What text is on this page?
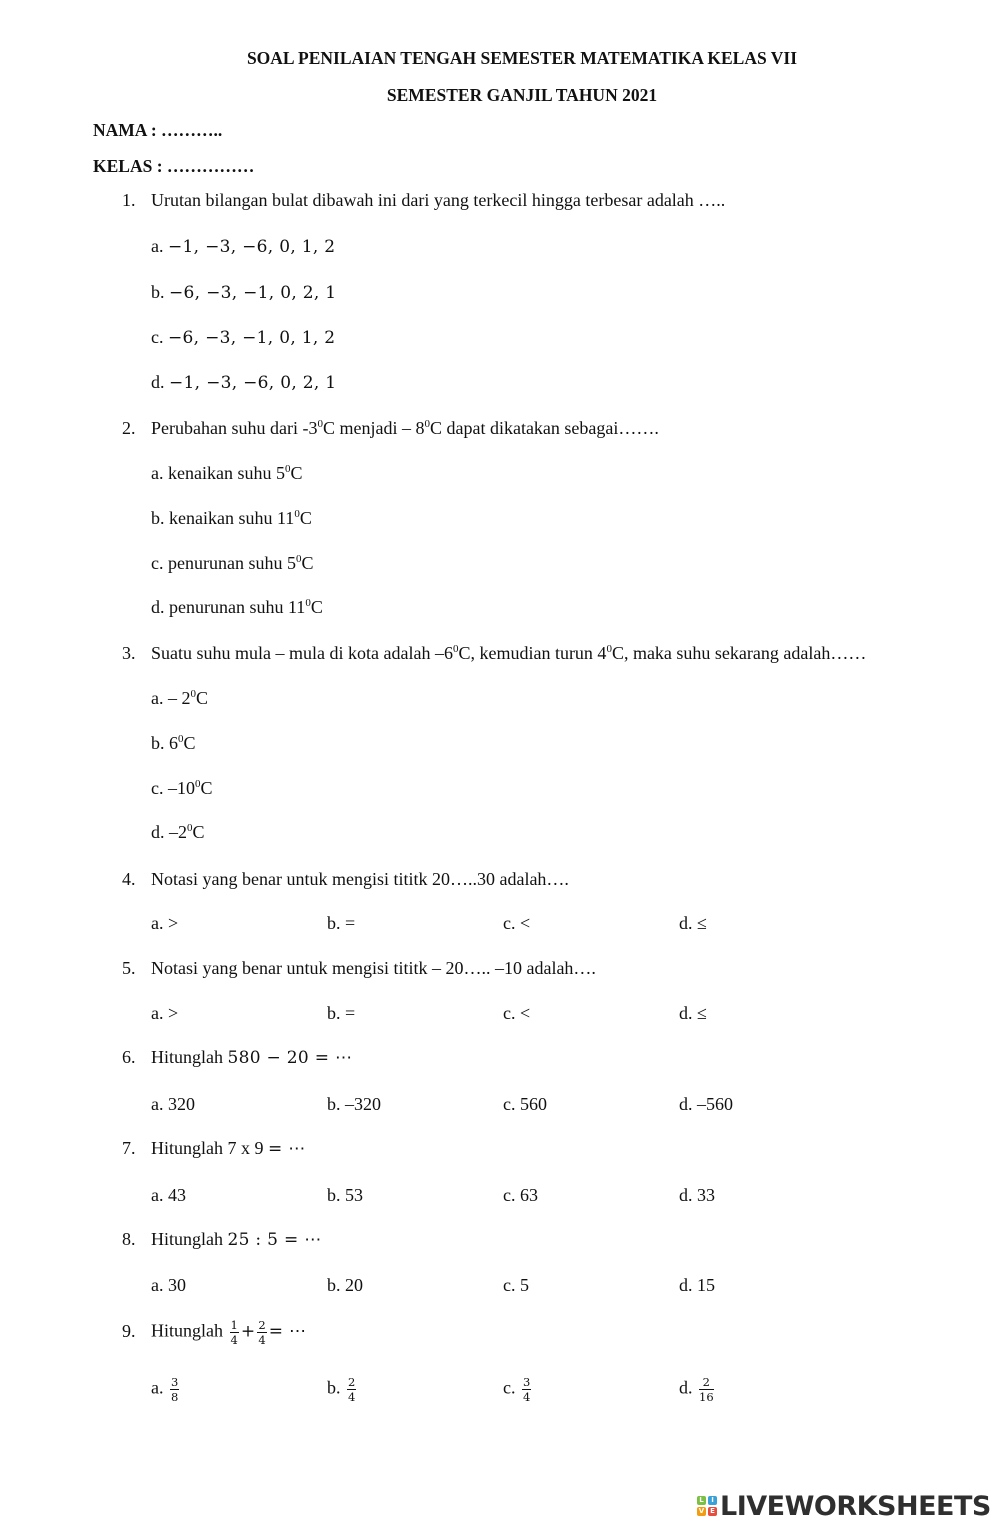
SOAL PENILAIAN TENGAH SEMESTER MATEMATIKA KELAS VII
SEMESTER GANJIL TAHUN 2021
NAMA : ………..
KELAS : ……………
1. Urutan bilangan bulat dibawah ini dari yang terkecil hingga terbesar adalah …..
a. −1, −3, −6, 0, 1, 2
b. −6, −3, −1, 0, 2, 1
c. −6, −3, −1, 0, 1, 2
d. −1, −3, −6, 0, 2, 1
2. Perubahan suhu dari $-3^0C$ menjadi – $8^0C$ dapat dikatakan sebagai…….
a. kenaikan suhu $5^0C$
b. kenaikan suhu $11^0C$
c. penurunan suhu $5^0C$
d. penurunan suhu $11^0C$
3. Suatu suhu mula – mula di kota adalah $-6^0C$, kemudian turun $4^0C$, maka suhu sekarang adalah……
a. – $2^0C$
b. $6^0C$
c. $-10^0C$
d. $-2^0C$
4. Notasi yang benar untuk mengisi tititk 20…..30 adalah….
a. >	b. =	c. <	d. ≤
5. Notasi yang benar untuk mengisi tititk – 20….. –10 adalah….
a. >	b. =	c. <	d. ≤
6. Hitunglah 580 − 20 = ⋯
a. 320	b. –320	c. 560	d. –560
7. Hitunglah 7 x 9 = ⋯
a. 43	b. 53	c. 63	d. 33
8. Hitunglah 25 : 5 = ⋯
a. 30	b. 20	c. 5	d. 15
9. Hitunglah $\frac{1}{4} + \frac{2}{4}$ = ⋯
a. $\frac{3}{8}$	b. $\frac{2}{4}$	c. $\frac{3}{4}$	d. $\frac{2}{16}$
L	I
V E LIVEWORKSHEETS
